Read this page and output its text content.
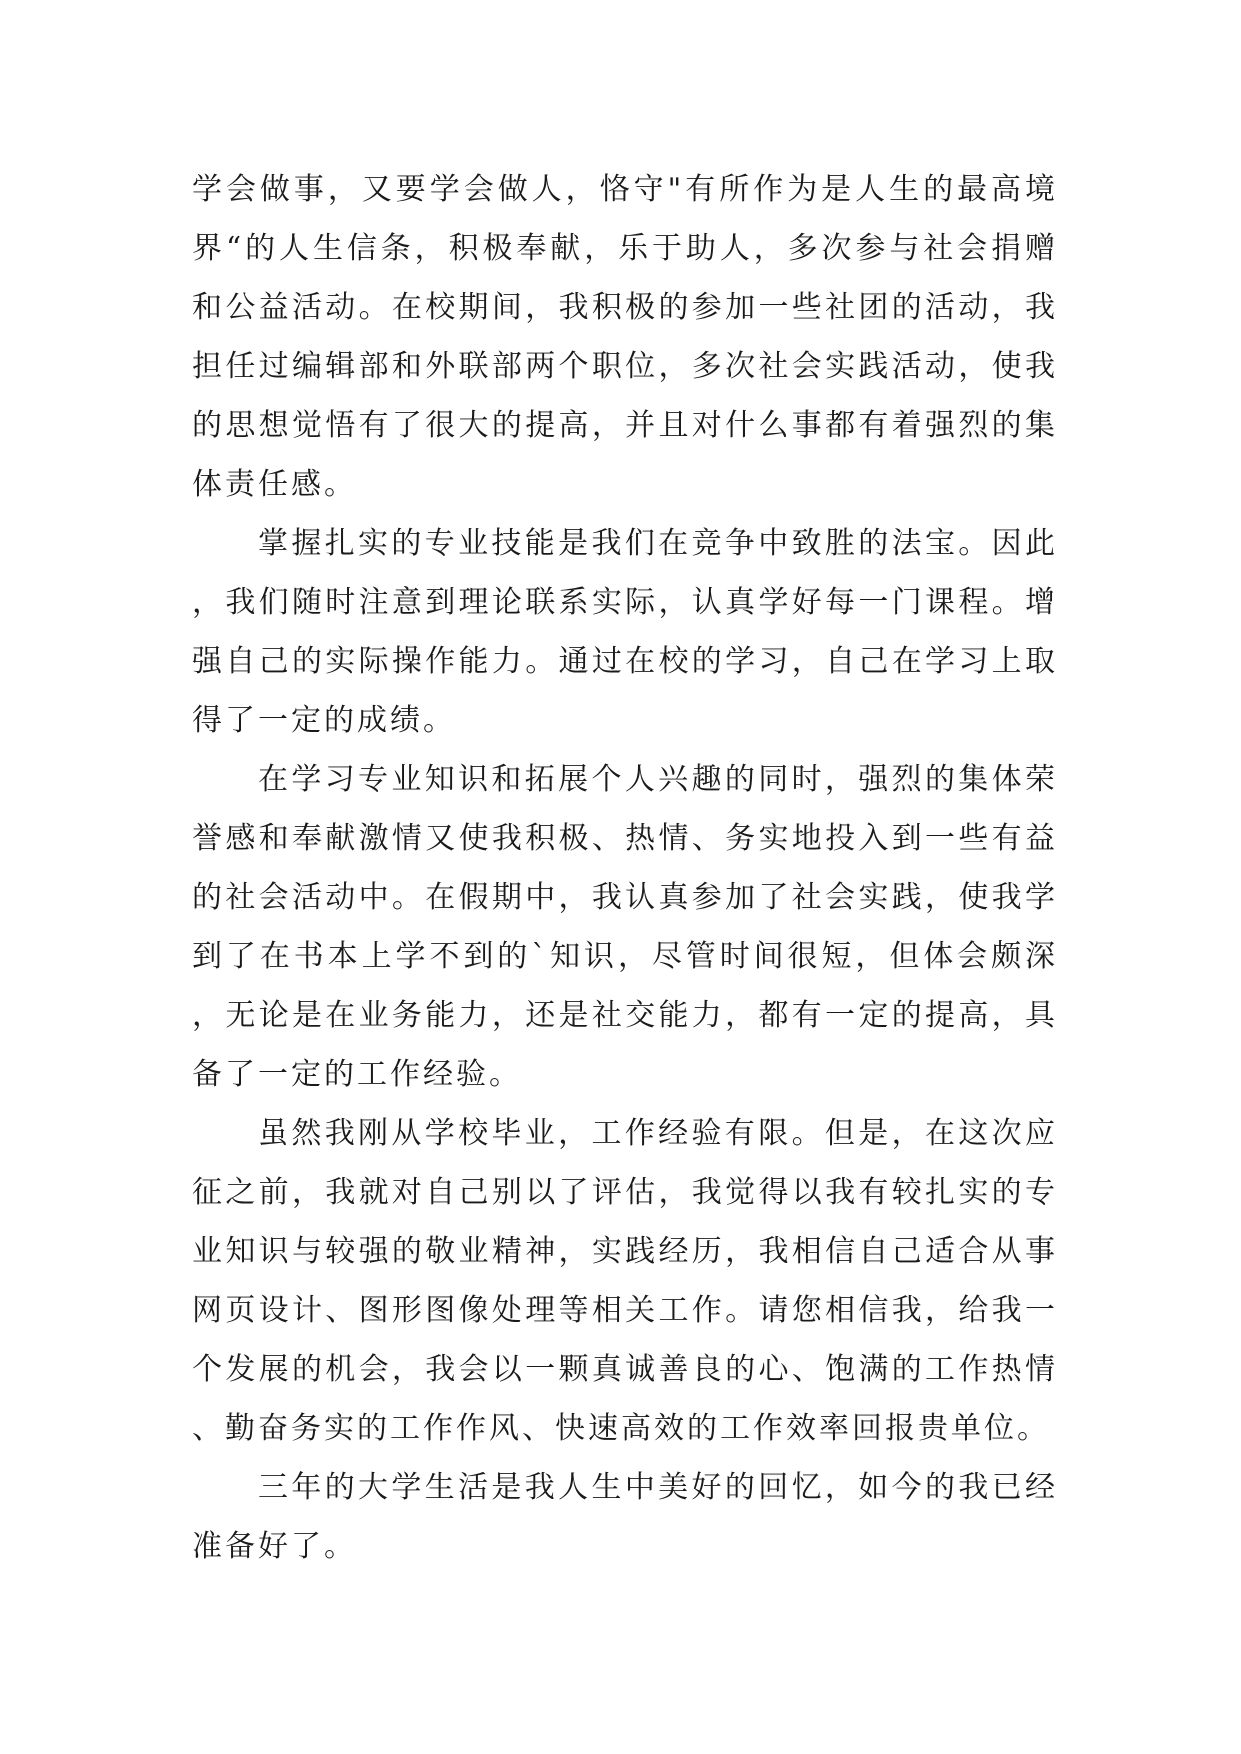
学会做事，又要学会做人，恪守"有所作为是人生的最高境界“的人生信条，积极奉献，乐于助人，多次参与社会捐赠和公益活动。在校期间，我积极的参加一些社团的活动，我担任过编辑部和外联部两个职位，多次社会实践活动，使我的思想觉悟有了很大的提高，并且对什么事都有着强烈的集体责任感。

掌握扎实的专业技能是我们在竞争中致胜的法宝。因此，我们随时注意到理论联系实际，认真学好每一门课程。增强自己的实际操作能力。通过在校的学习，自己在学习上取得了一定的成绩。

在学习专业知识和拓展个人兴趣的同时，强烈的集体荣誉感和奉献激情又使我积极、热情、务实地投入到一些有益的社会活动中。在假期中，我认真参加了社会实践，使我学到了在书本上学不到的`知识，尽管时间很短，但体会颇深，无论是在业务能力，还是社交能力，都有一定的提高，具备了一定的工作经验。

虽然我刚从学校毕业，工作经验有限。但是，在这次应征之前，我就对自己别以了评估，我觉得以我有较扎实的专业知识与较强的敬业精神，实践经历，我相信自己适合从事网页设计、图形图像处理等相关工作。请您相信我，给我一个发展的机会，我会以一颗真诚善良的心、饱满的工作热情、勤奋务实的工作作风、快速高效的工作效率回报贵单位。

三年的大学生活是我人生中美好的回忆，如今的我已经准备好了。
